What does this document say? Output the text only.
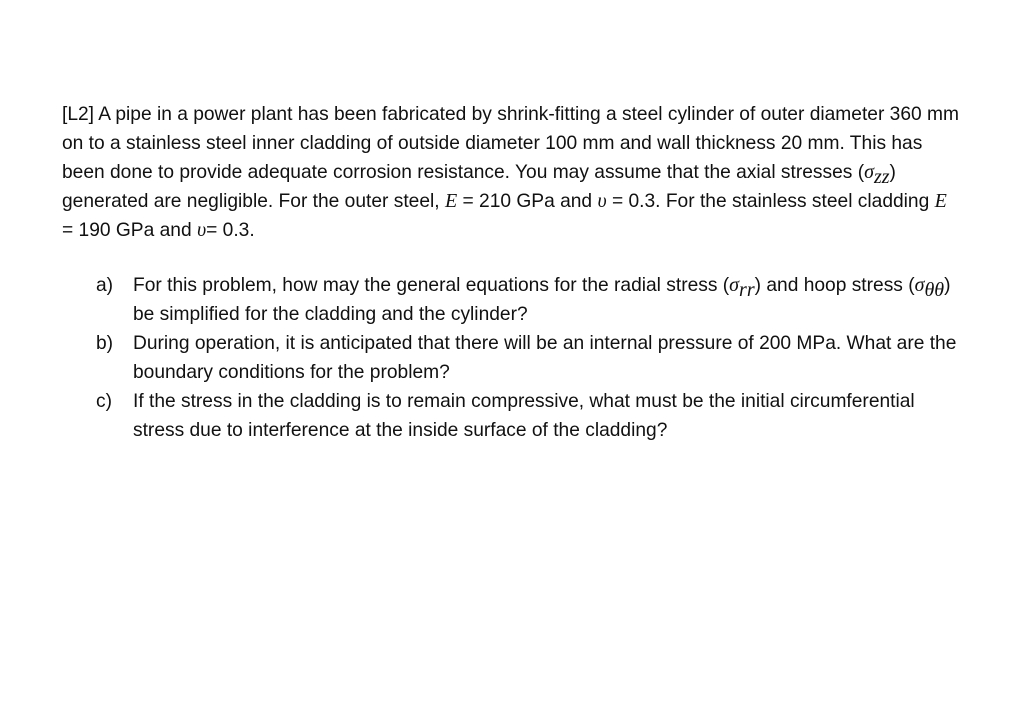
[L2] A pipe in a power plant has been fabricated by shrink-fitting a steel cylinder of outer diameter 360 mm on to a stainless steel inner cladding of outside diameter 100 mm and wall thickness 20 mm. This has been done to provide adequate corrosion resistance. You may assume that the axial stresses $(\sigma_{zz})$ generated are negligible. For the outer steel, E = 210 GPa and υ = 0.3. For the stainless steel cladding E = 190 GPa and υ= 0.3.

a) For this problem, how may the general equations for the radial stress $(\sigma_{rr})$ and hoop stress $(\sigma_{\theta\theta})$ be simplified for the cladding and the cylinder?
b) During operation, it is anticipated that there will be an internal pressure of 200 MPa. What are the boundary conditions for the problem?
c) If the stress in the cladding is to remain compressive, what must be the initial circumferential stress due to interference at the inside surface of the cladding?
